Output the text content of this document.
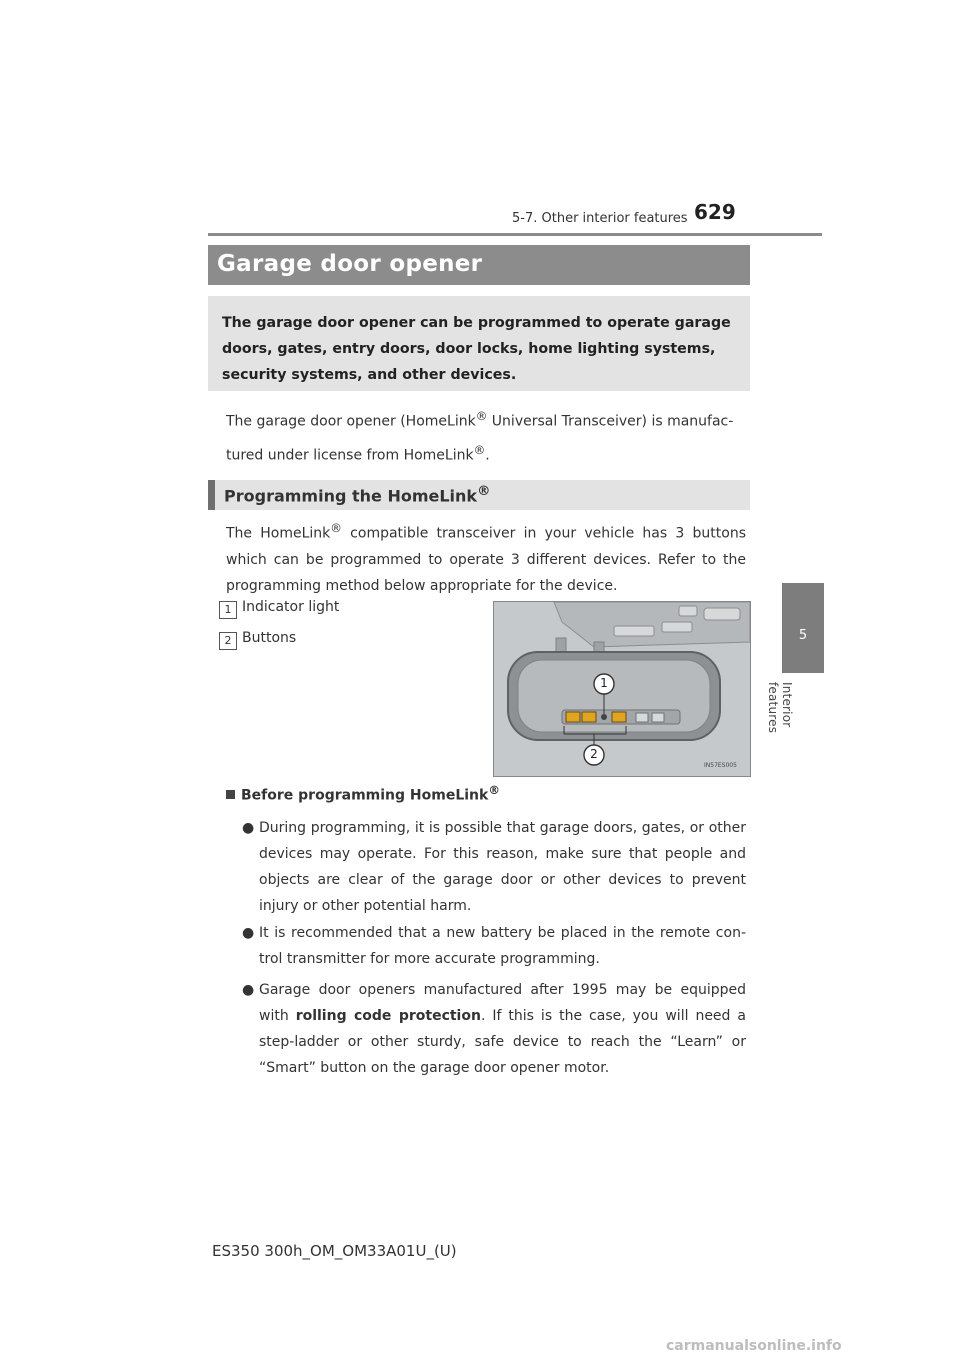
5-7. Other interior features 629
5
Interior features
Garage door opener
The garage door opener can be programmed to operate garage doors, gates, entry doors, door locks, home lighting systems, security systems, and other devices.
The garage door opener (HomeLink® Universal Transceiver) is manufac-tured under license from HomeLink®.
Programming the HomeLink®
The HomeLink® compatible transceiver in your vehicle has 3 buttons which can be programmed to operate 3 different devices. Refer to the programming method below appropriate for the device.
1 Indicator light
2 Buttons
1
2
IN57ES005
Before programming HomeLink®
● During programming, it is possible that garage doors, gates, or other devices may operate. For this reason, make sure that people and objects are clear of the garage door or other devices to prevent injury or other potential harm.
● It is recommended that a new battery be placed in the remote con-trol transmitter for more accurate programming.
● Garage door openers manufactured after 1995 may be equipped with rolling code protection. If this is the case, you will need a step-ladder or other sturdy, safe device to reach the “Learn” or “Smart” button on the garage door opener motor.
ES350 300h_OM_OM33A01U_(U)
carmanualsonline.info
